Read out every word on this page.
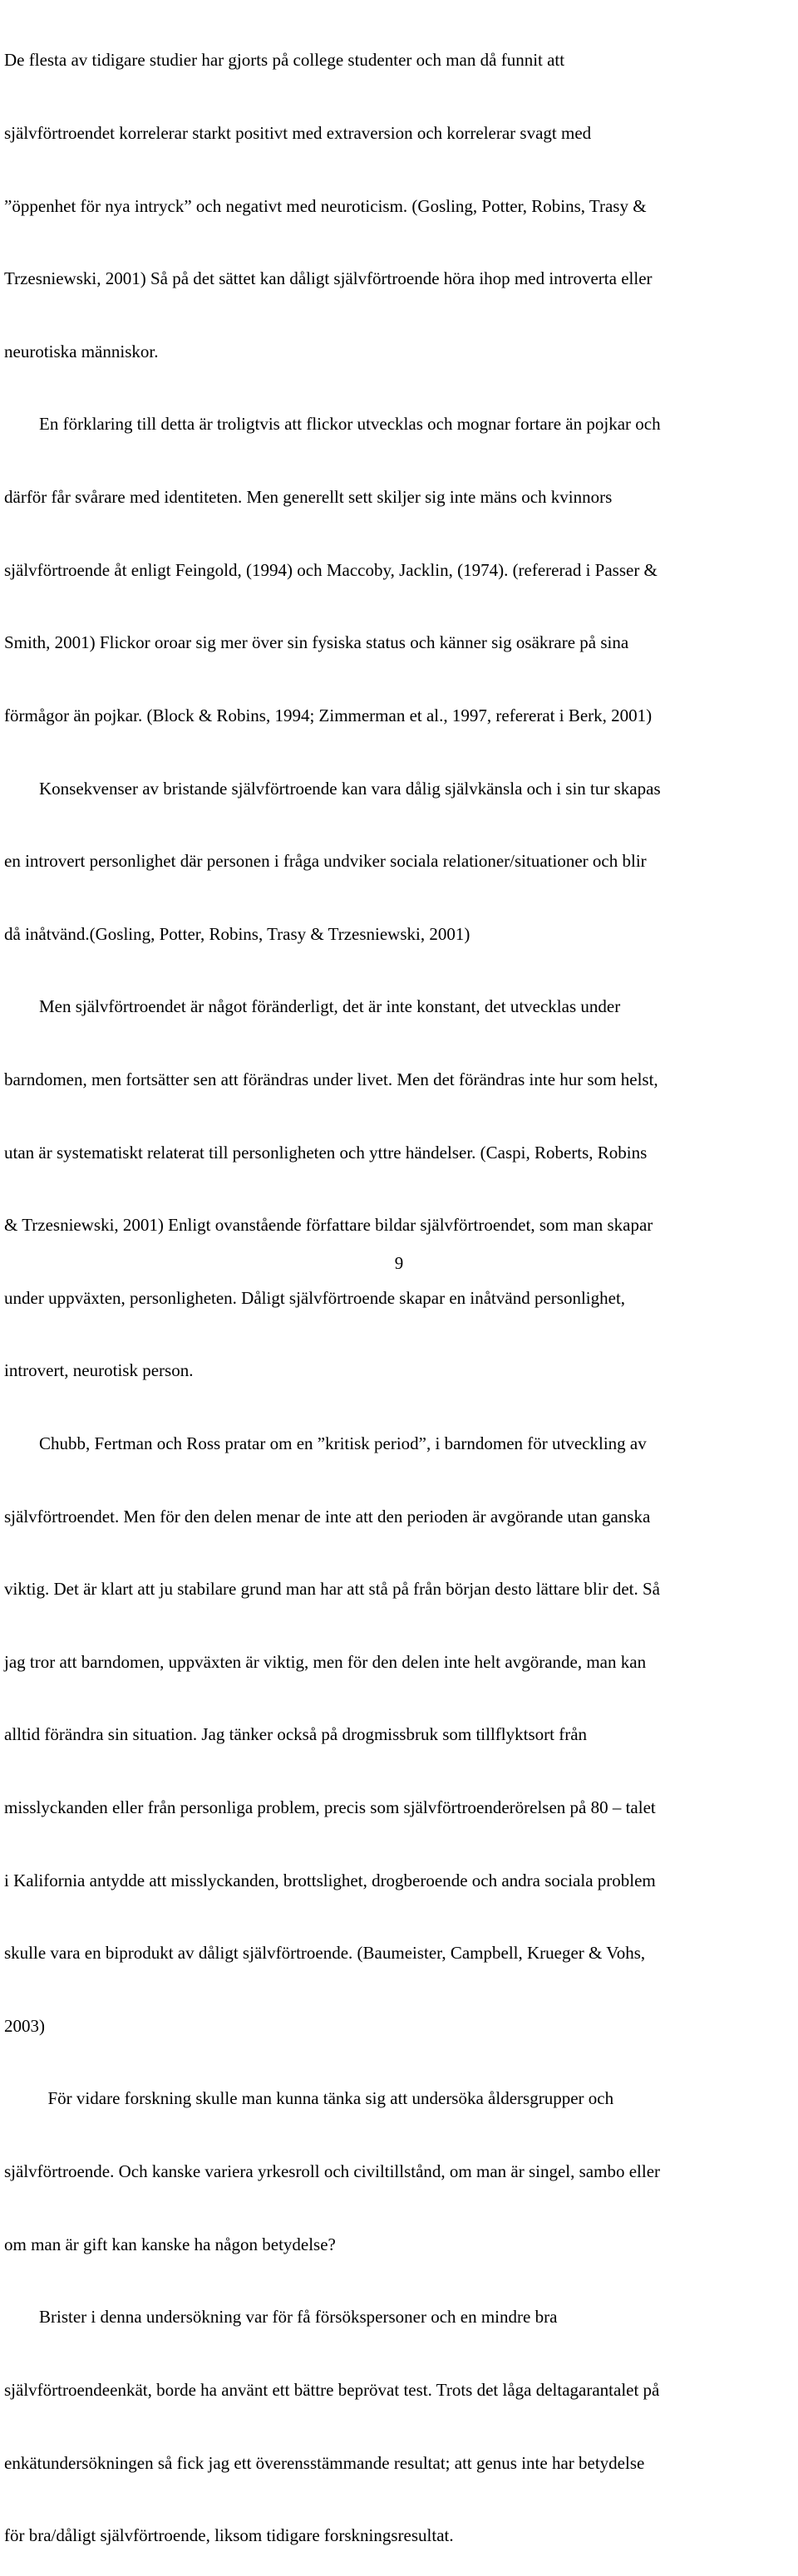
De flesta av tidigare studier har gjorts på college studenter och man då funnit att

självförtroendet korrelerar starkt positivt med extraversion och korrelerar svagt med

”öppenhet för nya intryck” och negativt med neuroticism. (Gosling, Potter, Robins, Trasy &

Trzesniewski, 2001) Så på det sättet kan dåligt självförtroende höra ihop med introverta eller

neurotiska människor.

En förklaring till detta är troligtvis att flickor utvecklas och mognar fortare än pojkar och

därför får svårare med identiteten. Men generellt sett skiljer sig inte mäns och kvinnors

självförtroende åt enligt Feingold, (1994) och Maccoby, Jacklin, (1974). (refererad i Passer &

Smith, 2001) Flickor oroar sig mer över sin fysiska status och känner sig osäkrare på sina

förmågor än pojkar. (Block & Robins, 1994; Zimmerman et al., 1997, refererat i Berk, 2001)

Konsekvenser av bristande självförtroende kan vara dålig självkänsla och i sin tur skapas

en introvert personlighet där personen i fråga undviker sociala relationer/situationer och blir

då inåtvänd.(Gosling, Potter, Robins, Trasy & Trzesniewski, 2001)

Men självförtroendet är något föränderligt, det är inte konstant, det utvecklas under

barndomen, men fortsätter sen att förändras under livet. Men det förändras inte hur som helst,

utan är systematiskt relaterat till personligheten och yttre händelser. (Caspi, Roberts, Robins

& Trzesniewski, 2001) Enligt ovanstående författare bildar självförtroendet, som man skapar

under uppväxten, personligheten. Dåligt självförtroende skapar en inåtvänd personlighet,

introvert, neurotisk person.

Chubb, Fertman och Ross pratar om en ”kritisk period”, i barndomen för utveckling av

självförtroendet. Men för den delen menar de inte att den perioden är avgörande utan ganska

viktig. Det är klart att ju stabilare grund man har att stå på från början desto lättare blir det. Så

jag tror att barndomen, uppväxten är viktig, men för den delen inte helt avgörande, man kan

alltid förändra sin situation. Jag tänker också på drogmissbruk som tillflyktsort från

misslyckanden eller från personliga problem, precis som självförtroenderörelsen på 80 – talet

i Kalifornia antydde att misslyckanden, brottslighet, drogberoende och andra sociala problem

skulle vara en biprodukt av dåligt självförtroende. (Baumeister, Campbell, Krueger & Vohs,

2003)

För vidare forskning skulle man kunna tänka sig att undersöka åldersgrupper och

självförtroende. Och kanske variera yrkesroll och civiltillstånd, om man är singel, sambo eller

om man är gift kan kanske ha någon betydelse?

Brister i denna undersökning var för få försökspersoner och en mindre bra

självförtroendeenkät, borde ha använt ett bättre beprövat test. Trots det låga deltagarantalet på

enkätundersökningen så fick jag ett överensstämmande resultat; att genus inte har betydelse

för bra/dåligt självförtroende, liksom tidigare forskningsresultat.

9
